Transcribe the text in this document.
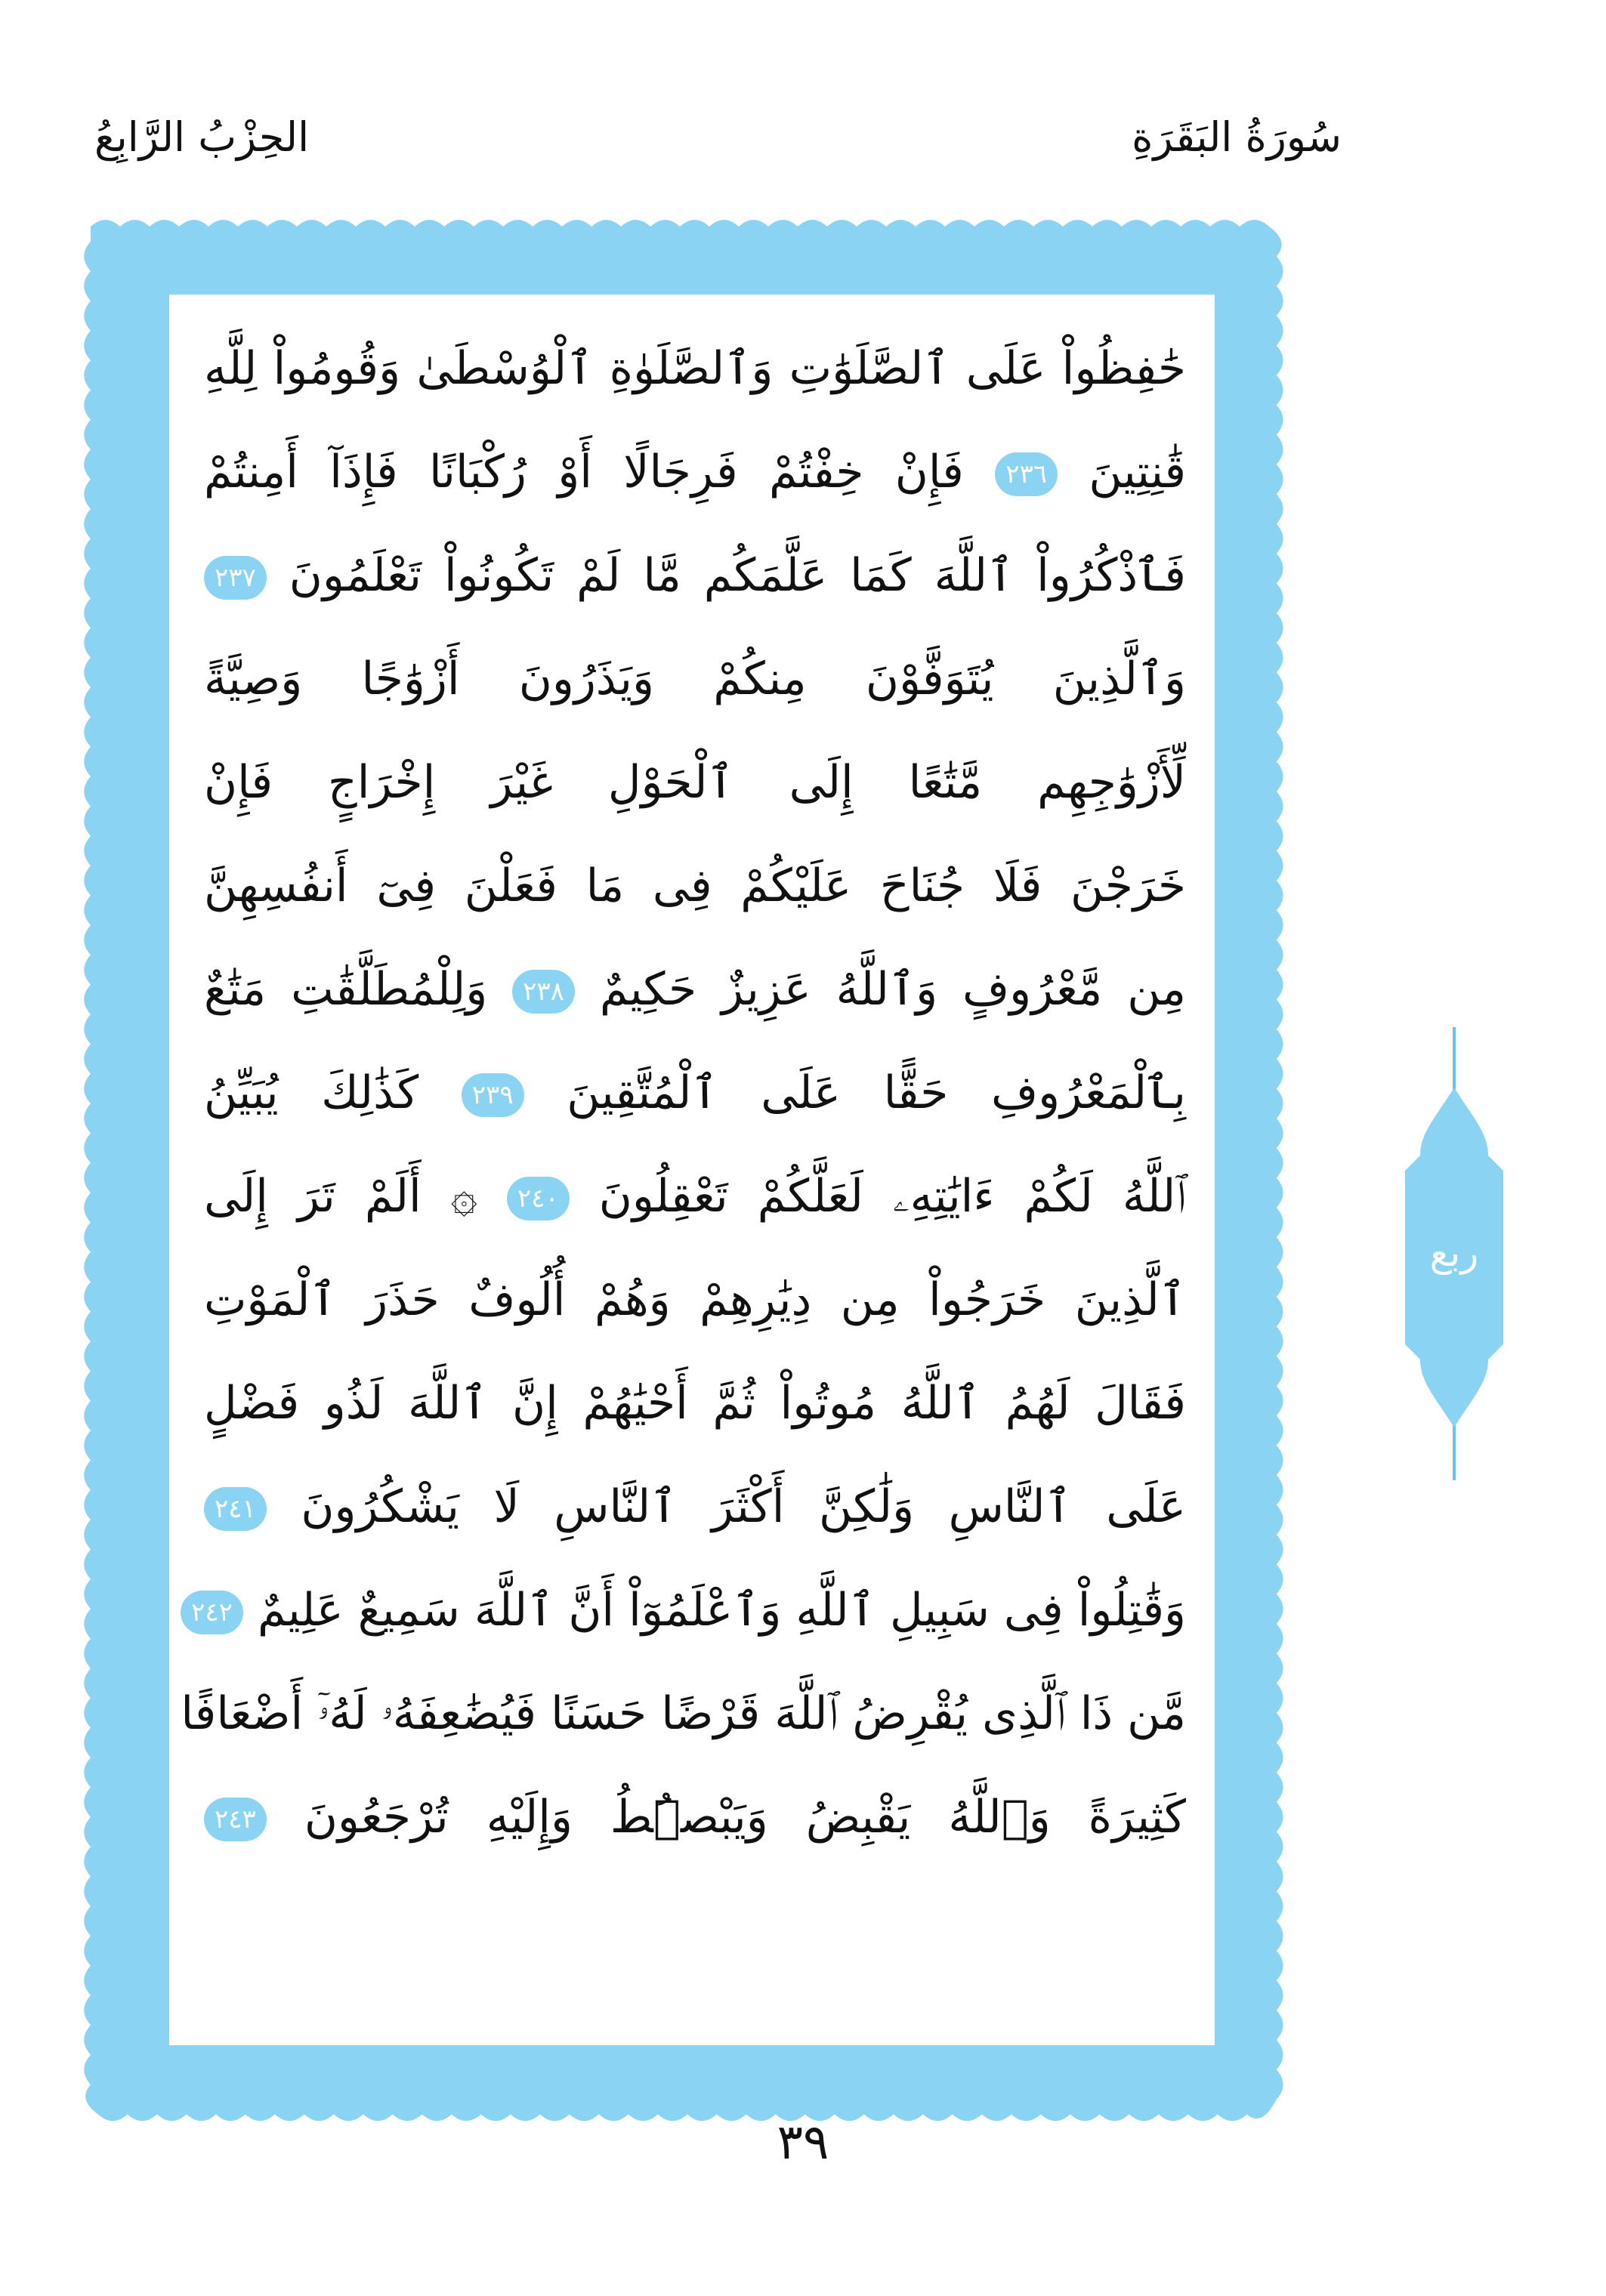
سُورَةُ البَقَرَةِ
الحِزْبُ الرَّابِعُ
حَٰفِظُواْ عَلَى ٱلصَّلَوَٰتِ وَٱلصَّلَوٰةِ ٱلْوُسْطَىٰ وَقُومُواْ لِلَّهِ
قَٰنِتِينَ ٢٣٦ فَإِنْ خِفْتُمْ فَرِجَالًا أَوْ رُكْبَانًا فَإِذَآ أَمِنتُمْ
فَٱذْكُرُواْ ٱللَّهَ كَمَا عَلَّمَكُم مَّا لَمْ تَكُونُواْ تَعْلَمُونَ ٢٣٧
وَٱلَّذِينَ يُتَوَفَّوْنَ مِنكُمْ وَيَذَرُونَ أَزْوَٰجًا وَصِيَّةً
لِّأَزْوَٰجِهِم مَّتَٰعًا إِلَى ٱلْحَوْلِ غَيْرَ إِخْرَاجٍ فَإِنْ
خَرَجْنَ فَلَا جُنَاحَ عَلَيْكُمْ فِى مَا فَعَلْنَ فِىٓ أَنفُسِهِنَّ
مِن مَّعْرُوفٍ وَٱللَّهُ عَزِيزٌ حَكِيمٌ ٢٣٨ وَلِلْمُطَلَّقَٰتِ مَتَٰعٌ
بِٱلْمَعْرُوفِ حَقًّا عَلَى ٱلْمُتَّقِينَ ٢٣٩ كَذَٰلِكَ يُبَيِّنُ
ٱللَّهُ لَكُمْ ءَايَٰتِهِۦ لَعَلَّكُمْ تَعْقِلُونَ ٢٤٠ ۞ أَلَمْ تَرَ إِلَى
ٱلَّذِينَ خَرَجُواْ مِن دِيَٰرِهِمْ وَهُمْ أُلُوفٌ حَذَرَ ٱلْمَوْتِ
فَقَالَ لَهُمُ ٱللَّهُ مُوتُواْ ثُمَّ أَحْيَٰهُمْ إِنَّ ٱللَّهَ لَذُو فَضْلٍ
عَلَى ٱلنَّاسِ وَلَٰكِنَّ أَكْثَرَ ٱلنَّاسِ لَا يَشْكُرُونَ ٢٤١
وَقَٰتِلُواْ فِى سَبِيلِ ٱللَّهِ وَٱعْلَمُوٓاْ أَنَّ ٱللَّهَ سَمِيعٌ عَلِيمٌ ٢٤٢
مَّن ذَا ٱلَّذِى يُقْرِضُ ٱللَّهَ قَرْضًا حَسَنًا فَيُضَٰعِفَهُۥ لَهُۥٓ أَضْعَافًا
كَثِيرَةً وَٱللَّهُ يَقْبِضُ وَيَبْصُۜطُ وَإِلَيْهِ تُرْجَعُونَ ٢٤٣
ربع
٣٩
